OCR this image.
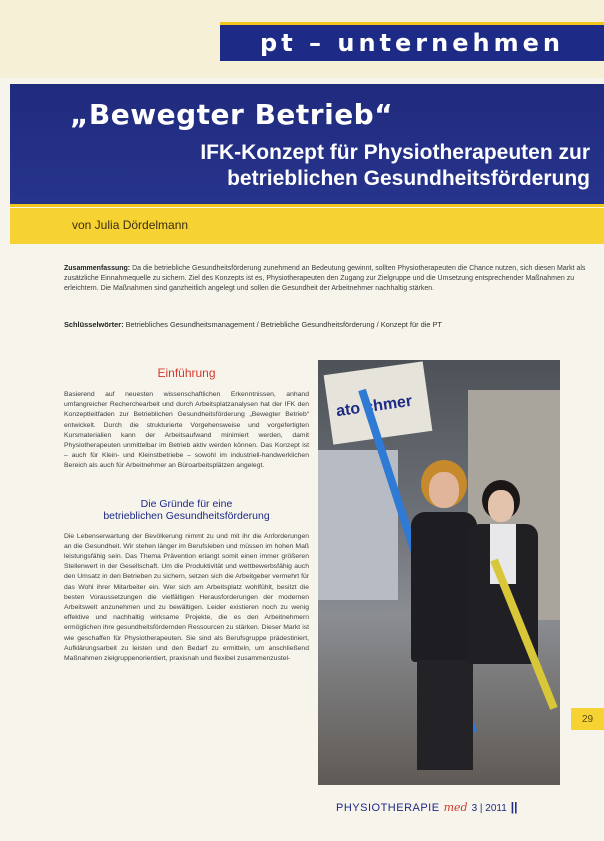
pt – unternehmen
„Bewegter Betrieb“
IFK-Konzept für Physiotherapeuten zur betrieblichen Gesundheitsförderung
von Julia Dördelmann
Zusammenfassung: Da die betriebliche Gesundheitsförderung zunehmend an Bedeutung gewinnt, sollten Physiotherapeuten die Chance nutzen, sich diesen Markt als zusätzliche Einnahmequelle zu sichern. Ziel des Konzepts ist es, Physiotherapeuten den Zugang zur Zielgruppe und die Umsetzung entsprechender Maßnahmen zu erleichtern. Die Maßnahmen sind ganzheitlich angelegt und sollen die Gesundheit der Arbeitnehmer nachhaltig stärken.
Schlüsselwörter: Betriebliches Gesundheitsmanagement / Betriebliche Gesundheitsförderung / Konzept für die PT
Einführung

Basierend auf neuesten wissenschaftlichen Erkenntnissen, anhand umfangreicher Recherchearbeit und durch Arbeitsplatzanalysen hat der IFK den Konzeptleitfaden zur Betrieblichen Gesundheitsförderung „Bewegter Betrieb“ entwickelt. Durch die strukturierte Vorgehensweise und vorgefertigten Kursmaterialien kann der Arbeitsaufwand minimiert werden, damit Physiotherapeuten unmittelbar im Betrieb aktiv werden können. Das Konzept ist – auch für Klein- und Kleinstbetriebe – sowohl im industriell-handwerklichen Bereich als auch für Arbeitnehmer an Büroarbeitsplätzen angelegt.

Die Gründe für eine
betrieblichen Gesundheitsförderung

Die Lebenserwartung der Bevölkerung nimmt zu und mit ihr die Anforderungen an die Gesundheit. Wir stehen länger im Berufsleben und müssen im hohen Maß leistungsfähig sein. Das Thema Prävention erlangt somit einen immer größeren Stellenwert in der Gesellschaft. Um die Produktivität und wettbewerbsfähig auch den Umsatz in den Betrieben zu sichern, setzen sich die Arbeitgeber vermehrt für das Wohl ihrer Mitarbeiter ein. Wer sich am Arbeitsplatz wohlfühlt, besitzt die besten Voraussetzungen die vielfältigen Herausforderungen der modernen Arbeitswelt anzunehmen und zu bewältigen. Leider existieren noch zu wenig effektive und nachhaltig wirksame Projekte, die es den Arbeitnehmern ermöglichen ihre gesundheitsfördernden Ressourcen zu stärken. Dieser Markt ist wie geschaffen für Physiotherapeuten. Sie sind als Berufsgruppe prädestiniert, Aufklärungsarbeit zu leisten und den Bedarf zu ermitteln, um anschließend Maßnahmen zielgruppenorientiert, praxisnah und flexibel zusammenzustel-

ato chmer
29
PHYSIOTHERAPIE med 3 | 2011 ||
